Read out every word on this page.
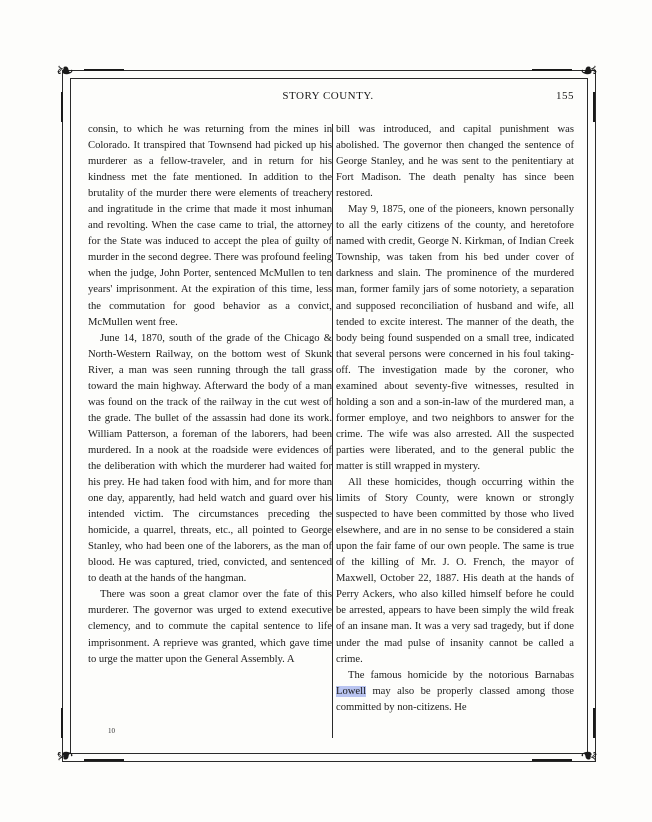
❧	❧
❧	❧
STORY COUNTY.	155

consin, to which he was returning from the mines in Colorado. It transpired that Townsend had picked up his murderer as a fellow-traveler, and in return for his kindness met the fate mentioned. In addition to the brutality of the murder there were elements of treachery and ingratitude in the crime that made it most inhuman and revolting. When the case came to trial, the attorney for the State was induced to accept the plea of guilty of murder in the second degree. There was profound feeling when the judge, John Porter, sentenced McMullen to ten years' imprisonment. At the expiration of this time, less the commutation for good behavior as a convict, McMullen went free.

June 14, 1870, south of the grade of the Chicago & North-Western Railway, on the bottom west of Skunk River, a man was seen running through the tall grass toward the main highway. Afterward the body of a man was found on the track of the railway in the cut west of the grade. The bullet of the assassin had done its work. William Patterson, a foreman of the laborers, had been murdered. In a nook at the roadside were evidences of the deliberation with which the murderer had waited for his prey. He had taken food with him, and for more than one day, apparently, had held watch and guard over his intended victim. The circumstances preceding the homicide, a quarrel, threats, etc., all pointed to George Stanley, who had been one of the laborers, as the man of blood. He was captured, tried, convicted, and sentenced to death at the hands of the hangman.

There was soon a great clamor over the fate of this murderer. The governor was urged to extend executive clemency, and to commute the capital sentence to life imprisonment. A reprieve was granted, which gave time to urge the matter upon the General Assembly. A

bill was introduced, and capital punishment was abolished. The governor then changed the sentence of George Stanley, and he was sent to the penitentiary at Fort Madison. The death penalty has since been restored.

May 9, 1875, one of the pioneers, known personally to all the early citizens of the county, and heretofore named with credit, George N. Kirkman, of Indian Creek Township, was taken from his bed under cover of darkness and slain. The prominence of the murdered man, former family jars of some notoriety, a separation and supposed reconciliation of husband and wife, all tended to excite interest. The manner of the death, the body being found suspended on a small tree, indicated that several persons were concerned in his foul taking-off. The investigation made by the coroner, who examined about seventy-five witnesses, resulted in holding a son and a son-in-law of the murdered man, a former employe, and two neighbors to answer for the crime. The wife was also arrested. All the suspected parties were liberated, and to the general public the matter is still wrapped in mystery.

All these homicides, though occurring within the limits of Story County, were known or strongly suspected to have been committed by those who lived elsewhere, and are in no sense to be considered a stain upon the fair fame of our own people. The same is true of the killing of Mr. J. O. French, the mayor of Maxwell, October 22, 1887. His death at the hands of Perry Ackers, who also killed himself before he could be arrested, appears to have been simply the wild freak of an insane man. It was a very sad tragedy, but if done under the mad pulse of insanity cannot be called a crime.

The famous homicide by the notorious Barnabas Lowell may also be properly classed among those committed by non-citizens. He

10
